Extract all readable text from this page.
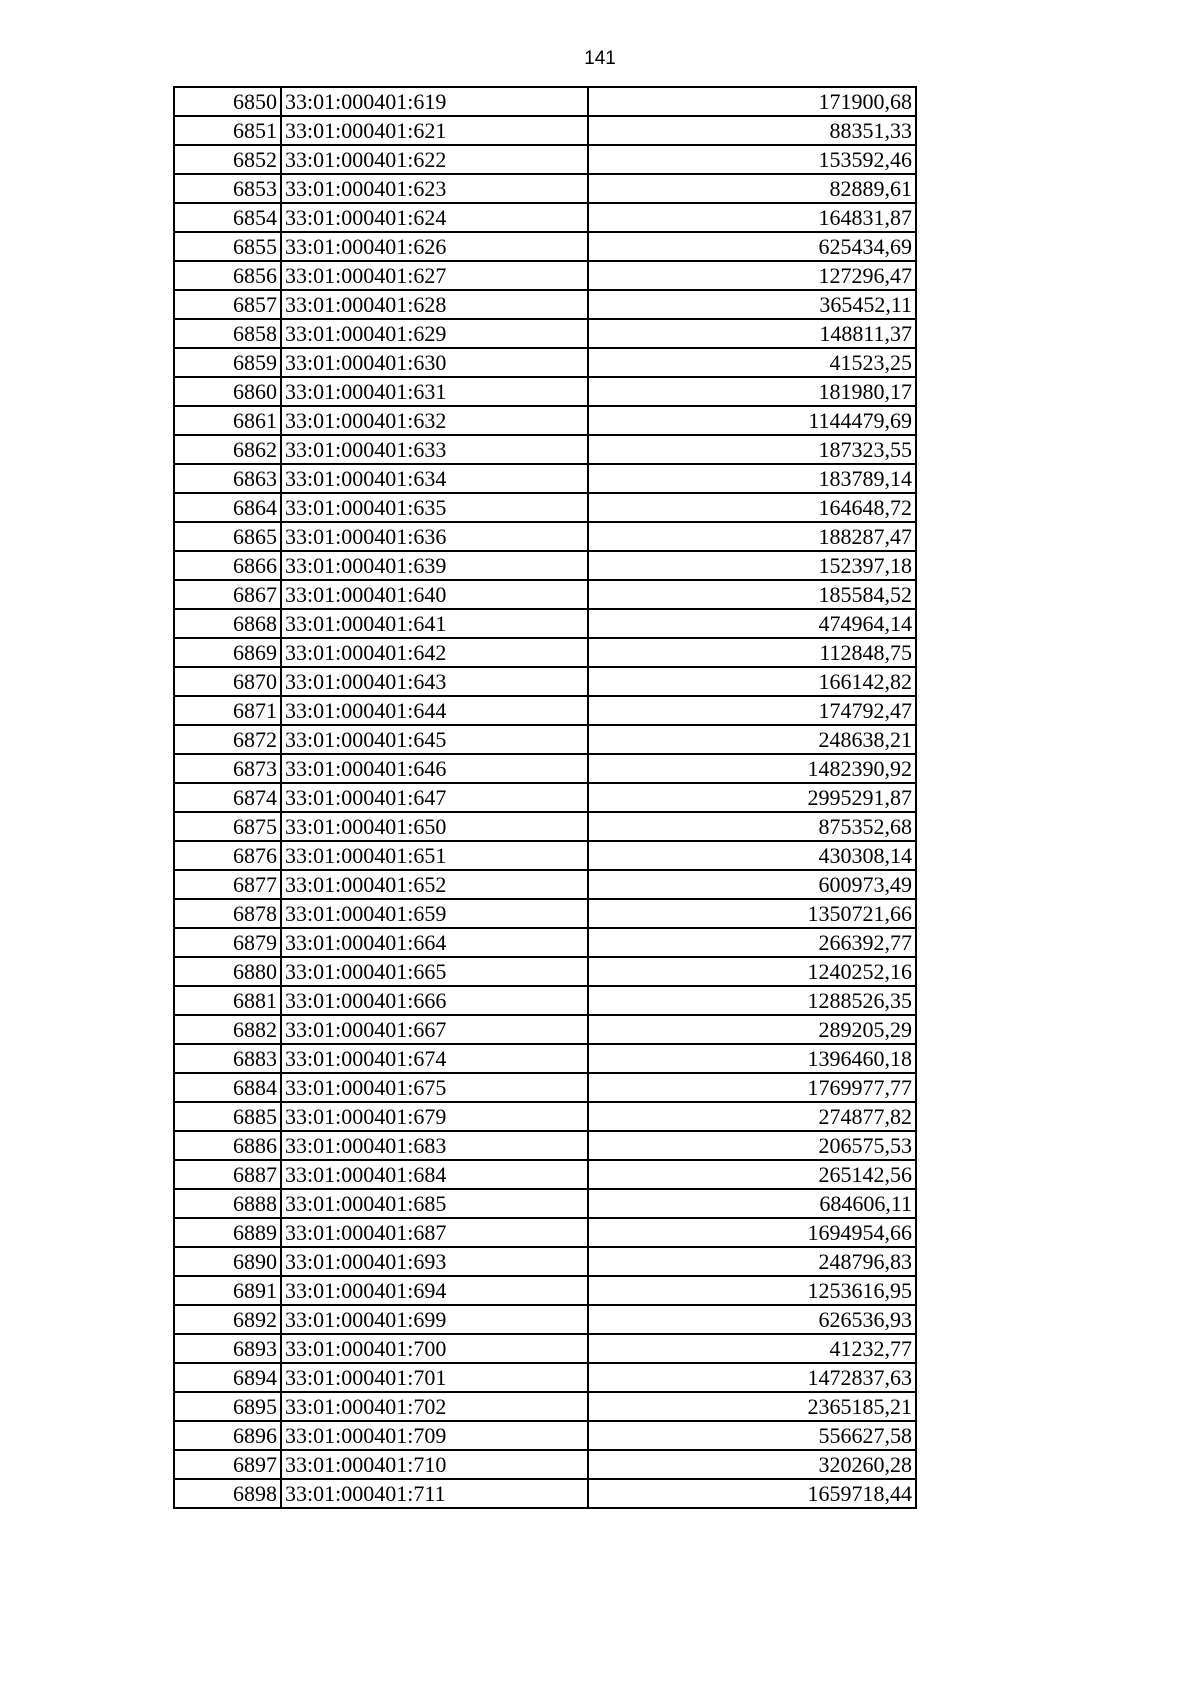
141
6850	33:01:000401:619	171900,68
6851	33:01:000401:621	88351,33
6852	33:01:000401:622	153592,46
6853	33:01:000401:623	82889,61
6854	33:01:000401:624	164831,87
6855	33:01:000401:626	625434,69
6856	33:01:000401:627	127296,47
6857	33:01:000401:628	365452,11
6858	33:01:000401:629	148811,37
6859	33:01:000401:630	41523,25
6860	33:01:000401:631	181980,17
6861	33:01:000401:632	1144479,69
6862	33:01:000401:633	187323,55
6863	33:01:000401:634	183789,14
6864	33:01:000401:635	164648,72
6865	33:01:000401:636	188287,47
6866	33:01:000401:639	152397,18
6867	33:01:000401:640	185584,52
6868	33:01:000401:641	474964,14
6869	33:01:000401:642	112848,75
6870	33:01:000401:643	166142,82
6871	33:01:000401:644	174792,47
6872	33:01:000401:645	248638,21
6873	33:01:000401:646	1482390,92
6874	33:01:000401:647	2995291,87
6875	33:01:000401:650	875352,68
6876	33:01:000401:651	430308,14
6877	33:01:000401:652	600973,49
6878	33:01:000401:659	1350721,66
6879	33:01:000401:664	266392,77
6880	33:01:000401:665	1240252,16
6881	33:01:000401:666	1288526,35
6882	33:01:000401:667	289205,29
6883	33:01:000401:674	1396460,18
6884	33:01:000401:675	1769977,77
6885	33:01:000401:679	274877,82
6886	33:01:000401:683	206575,53
6887	33:01:000401:684	265142,56
6888	33:01:000401:685	684606,11
6889	33:01:000401:687	1694954,66
6890	33:01:000401:693	248796,83
6891	33:01:000401:694	1253616,95
6892	33:01:000401:699	626536,93
6893	33:01:000401:700	41232,77
6894	33:01:000401:701	1472837,63
6895	33:01:000401:702	2365185,21
6896	33:01:000401:709	556627,58
6897	33:01:000401:710	320260,28
6898	33:01:000401:711	1659718,44
